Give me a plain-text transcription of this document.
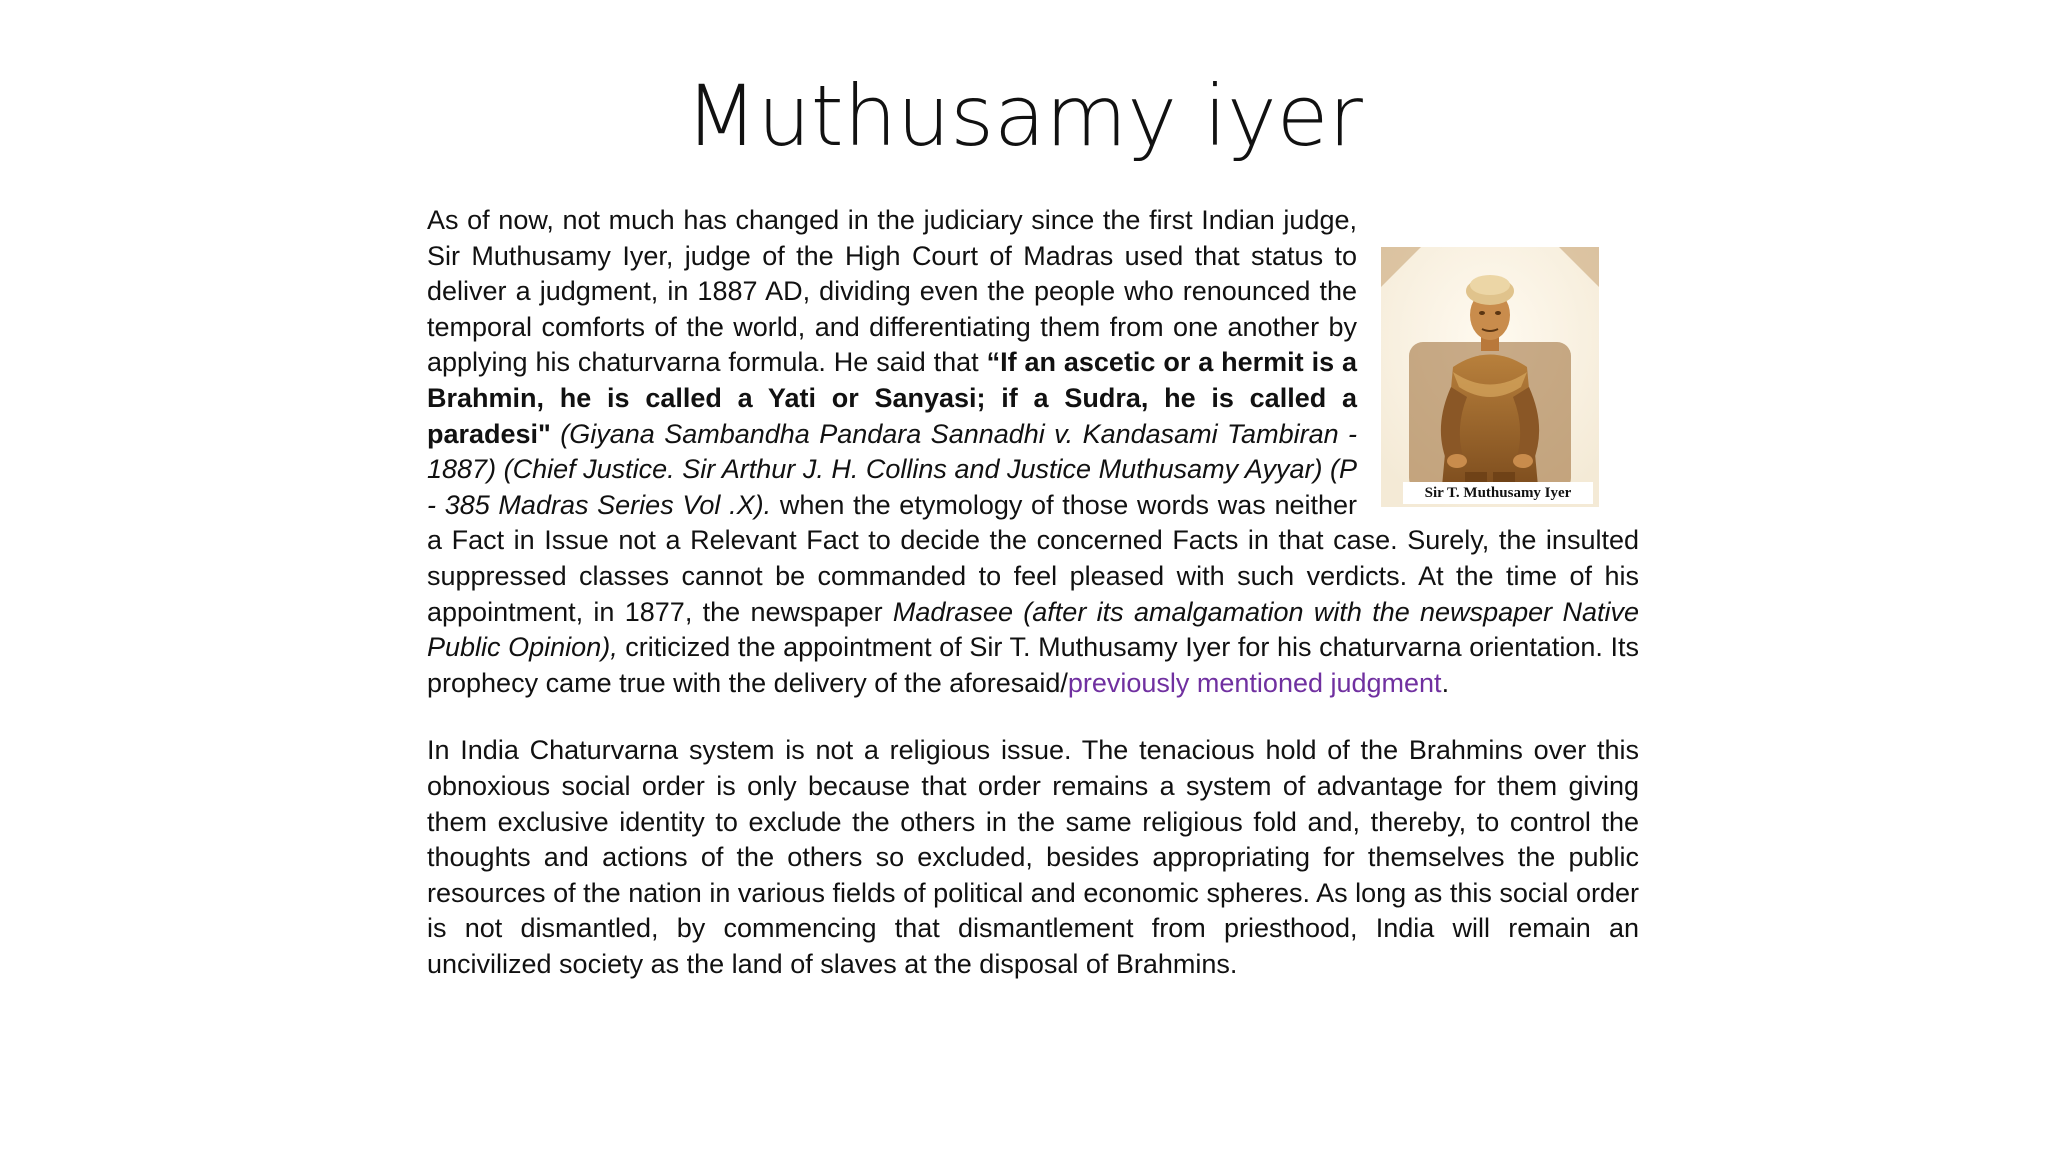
Muthusamy iyer

Sir T. Muthusamy Iyer
As of now, not much has changed in the judiciary since the first Indian judge, Sir Muthusamy Iyer, judge of the High Court of Madras used that status to deliver a judgment, in 1887 AD, dividing even the people who renounced the temporal comforts of the world, and differentiating them from one another by applying his chaturvarna formula. He said that “If an ascetic or a hermit is a Brahmin, he is called a Yati or Sanyasi; if a Sudra, he is called a paradesi" (Giyana Sambandha Pandara Sannadhi v. Kandasami Tambiran - 1887) (Chief Justice. Sir Arthur J. H. Collins and Justice Muthusamy Ayyar) (P - 385 Madras Series Vol .X). when the etymology of those words was neither a Fact in Issue not a Relevant Fact to decide the concerned Facts in that case. Surely, the insulted suppressed classes cannot be commanded to feel pleased with such verdicts. At the time of his appointment, in 1877, the newspaper Madrasee (after its amalgamation with the newspaper Native Public Opinion), criticized the appointment of Sir T. Muthusamy Iyer for his chaturvarna orientation. Its prophecy came true with the delivery of the aforesaid/previously mentioned judgment.

In India Chaturvarna system is not a religious issue. The tenacious hold of the Brahmins over this obnoxious social order is only because that order remains a system of advantage for them giving them exclusive identity to exclude the others in the same religious fold and, thereby, to control the thoughts and actions of the others so excluded, besides appropriating for themselves the public resources of the nation in various fields of political and economic spheres. As long as this social order is not dismantled, by commencing that dismantlement from priesthood, India will remain an uncivilized society as the land of slaves at the disposal of Brahmins.
